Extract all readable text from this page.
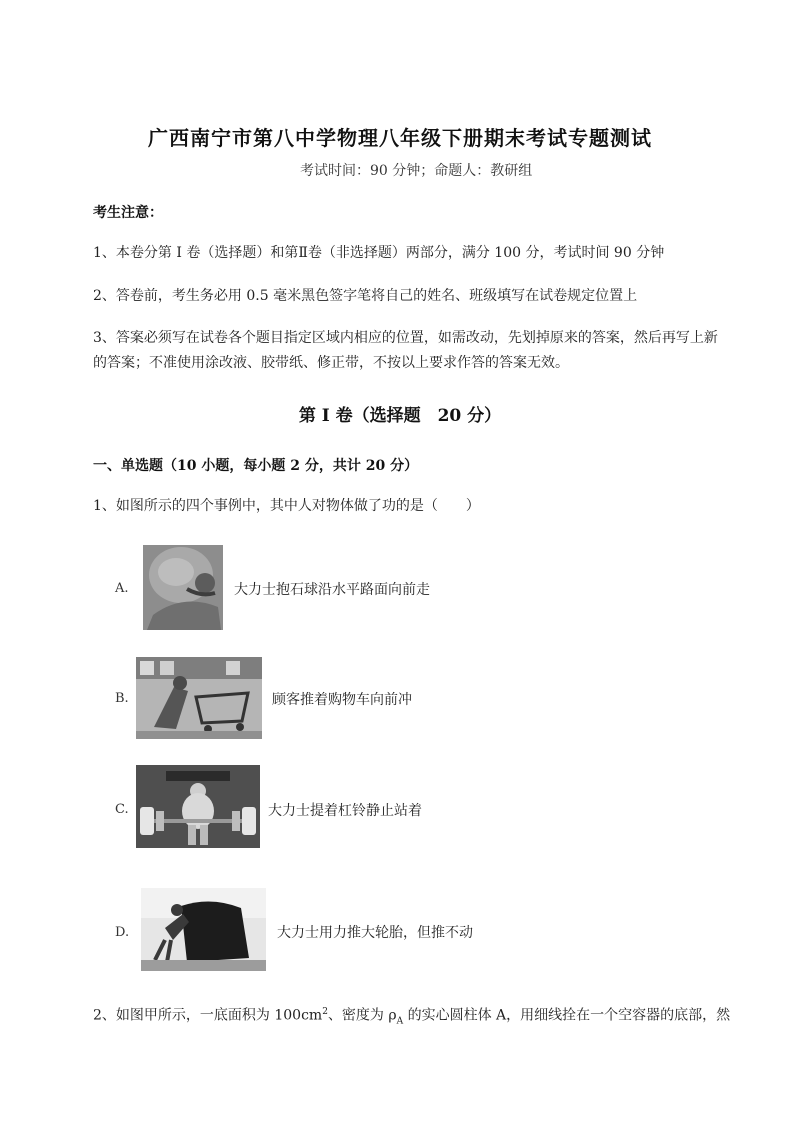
广西南宁市第八中学物理八年级下册期末考试专题测试

考试时间：90 分钟；命题人：教研组

考生注意：

1、本卷分第 I 卷（选择题）和第Ⅱ卷（非选择题）两部分，满分 100 分，考试时间 90 分钟

2、答卷前，考生务必用 0.5 毫米黑色签字笔将自己的姓名、班级填写在试卷规定位置上

3、答案必须写在试卷各个题目指定区域内相应的位置，如需改动，先划掉原来的答案，然后再写上新

的答案；不准使用涂改液、胶带纸、修正带，不按以上要求作答的答案无效。

第 I 卷（选择题　20 分）

一、单选题（10 小题，每小题 2 分，共计 20 分）

1、如图所示的四个事例中，其中人对物体做了功的是（　　）

A.	大力士抱石球沿水平路面向前走
B.	顾客推着购物车向前冲
C.	大力士提着杠铃静止站着
D.	大力士用力推大轮胎，但推不动

2、如图甲所示，一底面积为 $100cm^2$、密度为 $\rho_A$ 的实心圆柱体 A，用细线拴在一个空容器的底部，然
